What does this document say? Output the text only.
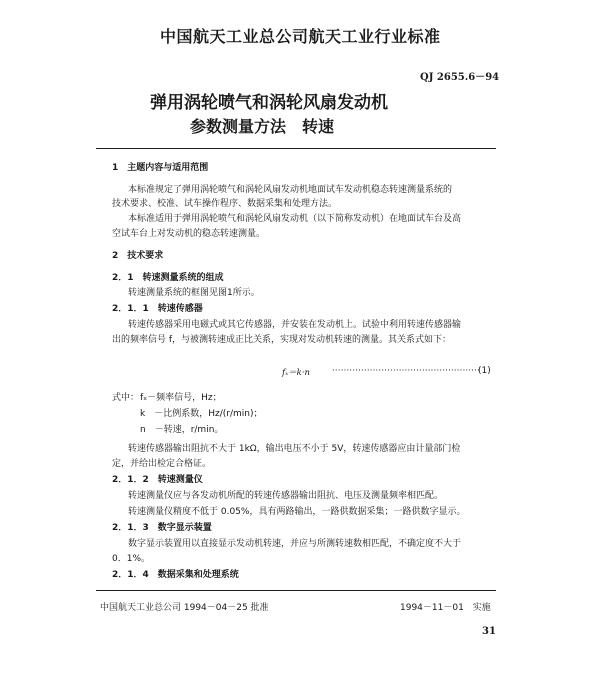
中国航天工业总公司航天工业行业标准
QJ 2655.6－94
弹用涡轮喷气和涡轮风扇发动机
参数测量方法　转速
1　主题内容与适用范围
本标准规定了弹用涡轮喷气和涡轮风扇发动机地面试车发动机稳态转速测量系统的
技术要求、校准、试车操作程序、数据采集和处理方法。
本标准适用于弹用涡轮喷气和涡轮风扇发动机（以下简称发动机）在地面试车台及高
空试车台上对发动机的稳态转速测量。
2　技术要求
2．1　转速测量系统的组成
转速测量系统的框图见图1所示。
2．1．1　转速传感器
转速传感器采用电磁式或其它传感器，并安装在发动机上。试验中利用转速传感器输
出的频率信号 f，与被测转速成正比关系，实现对发动机转速的测量。其关系式如下：
fₓ＝k·n	···················································
(1)
式中： fₓ－频率信号，Hz；
k　－比例系数，Hz/(r/min)；
n　－转速，r/min。
转速传感器输出阻抗不大于 1kΩ，输出电压不小于 5V，转速传感器应由计量部门检
定，并给出检定合格证。
2．1．2　转速测量仪
转速测量仪应与各发动机所配的转速传感器输出阻抗、电压及测量频率相匹配。
转速测量仪精度不低于 0.05%，具有两路输出，一路供数据采集；一路供数字显示。
2．1．3　数字显示装置
数字显示装置用以直接显示发动机转速，并应与所测转速数相匹配，不确定度不大于
0．1%。
2．1．4　数据采集和处理系统
中国航天工业总公司 1994－04－25 批准	1994－11－01　实施
31
